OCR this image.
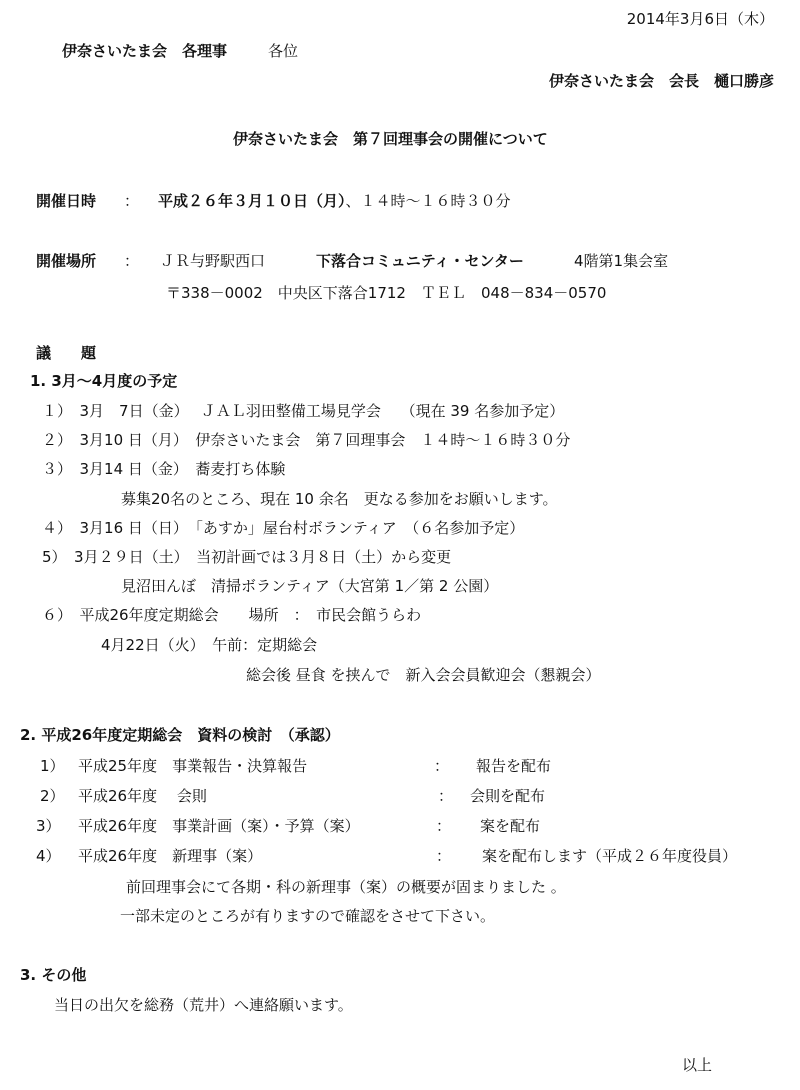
2014年3月6日（木）
伊奈さいたま会　各理事	各位
伊奈さいたま会　会長　樋口勝彦
伊奈さいたま会　第７回理事会の開催について
開催日時 ： 平成２６年３月１０日（月）、１４時～１６時３０分
開催場所 ： ＪＲ与野駅西口	下落合コミュニティ・センター	4階第1集会室
〒338－0002　中央区下落合1712　ＴＥＬ　048－834－0570
議　　題
1. 3月～4月度の予定
１）　3月　7日（金）　 ＪＡＬ羽田整備工場見学会　 （現在 39 名参加予定）
２）　3月10 日（月）　伊奈さいたま会　第７回理事会　１４時～１６時３０分
３）　3月14 日（金）　蕎麦打ち体験
募集20名のところ、現在 10 余名　更なる参加をお願いします。
４）　3月16 日（日）　「あすか」屋台村ボランティア　（６名参加予定）
5）　3月２９日（土）　当初計画では３月８日（土）から変更
見沼田んぼ　清掃ボランティア（大宮第 1／第 2 公園）
６）　平成26年度定期総会　　場所　：　市民会館うらわ
4月22日（火）　午前：定期総会
総会後 昼食 を挟んで　新入会会員歓迎会（懇親会）
2. 平成26年度定期総会　資料の検討　（承認）
1） 平成25年度　事業報告・決算報告	： 報告を配布
2） 平成26年度　 会則	： 会則を配布
3） 平成26年度　事業計画（案）・予算（案）	： 案を配布
4） 平成26年度　新理事（案）	： 案を配布します（平成２６年度役員）
前回理事会にて各期・科の新理事（案）の概要が固まりました 。
一部未定のところが有りますので確認をさせて下さい。
3. その他
当日の出欠を総務（荒井）へ連絡願います。
以上
